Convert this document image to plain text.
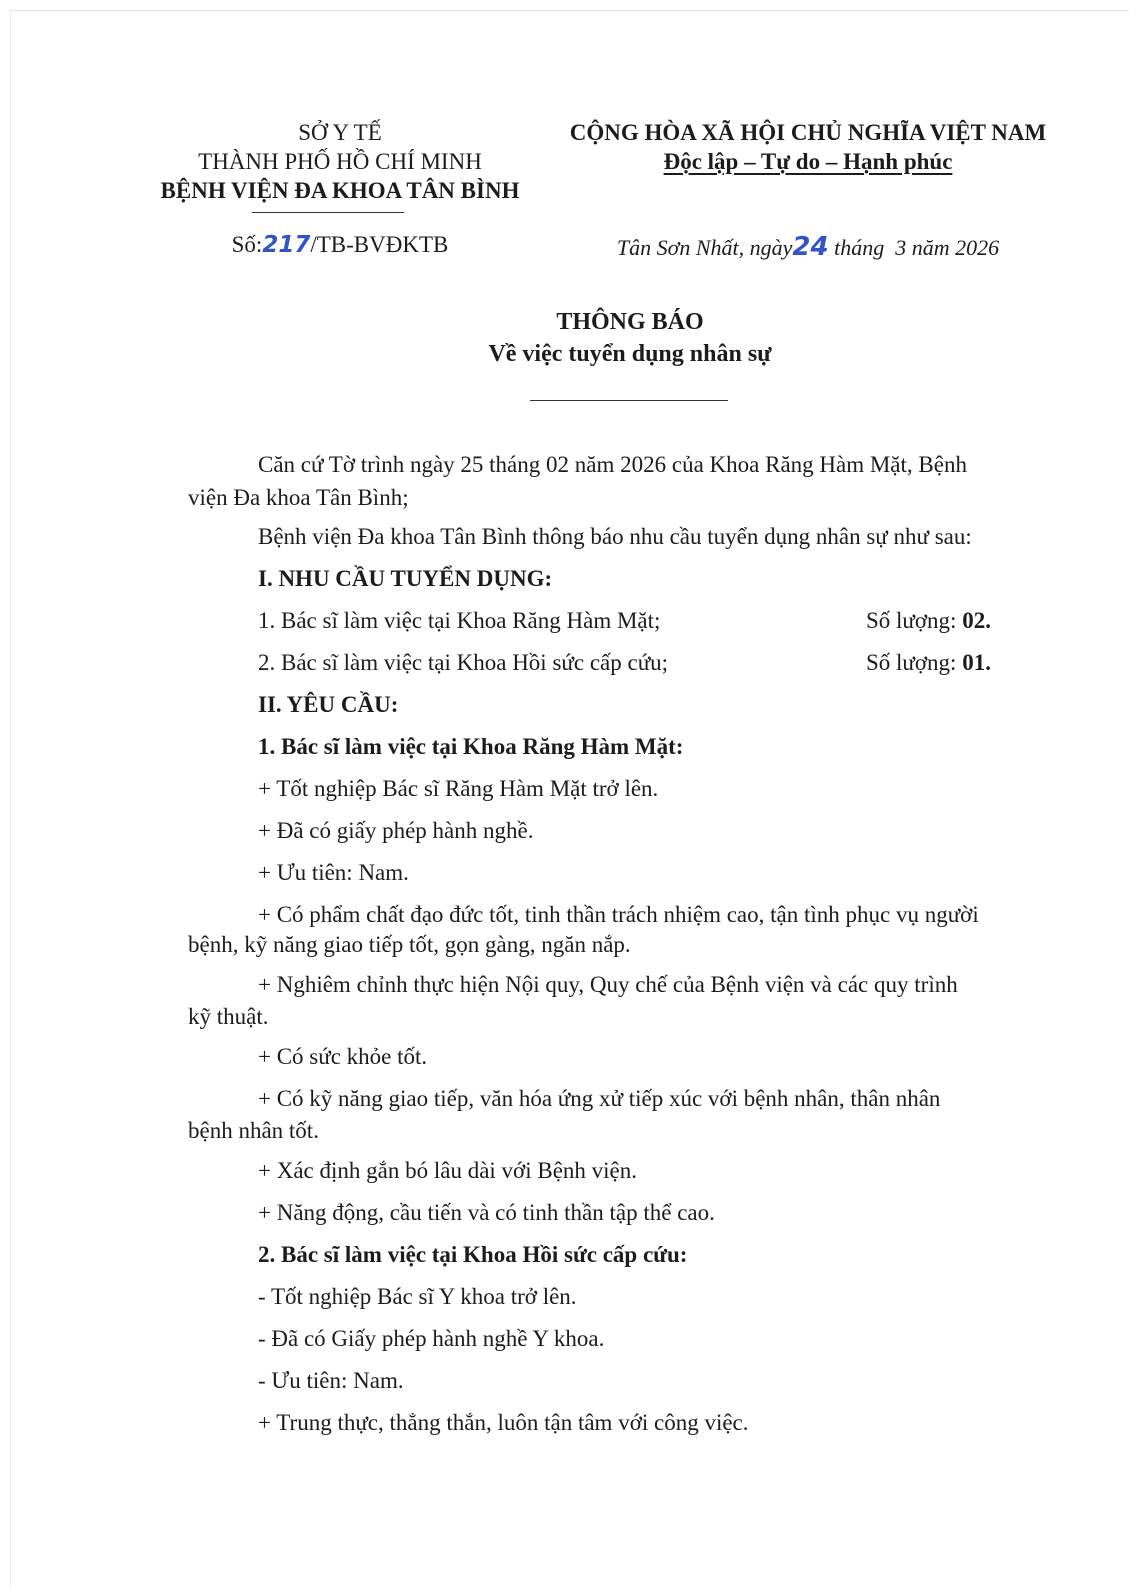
SỞ Y TẾ
THÀNH PHỐ HỒ CHÍ MINH
BỆNH VIỆN ĐA KHOA TÂN BÌNH
CỘNG HÒA XÃ HỘI CHỦ NGHĨA VIỆT NAM
Độc lập – Tự do – Hạnh phúc
Số:217/TB-BVĐKTB	Tân Sơn Nhất, ngày24 tháng  3 năm 2026
THÔNG BÁO
Về việc tuyển dụng nhân sự
Căn cứ Tờ trình ngày 25 tháng 02 năm 2026 của Khoa Răng Hàm Mặt, Bệnh
viện Đa khoa Tân Bình;
Bệnh viện Đa khoa Tân Bình thông báo nhu cầu tuyển dụng nhân sự như sau:
I. NHU CẦU TUYỂN DỤNG:
1. Bác sĩ làm việc tại Khoa Răng Hàm Mặt;	Số lượng: 02.
2. Bác sĩ làm việc tại Khoa Hồi sức cấp cứu;	Số lượng: 01.
II. YÊU CẦU:
1. Bác sĩ làm việc tại Khoa Răng Hàm Mặt:
+ Tốt nghiệp Bác sĩ Răng Hàm Mặt trở lên.
+ Đã có giấy phép hành nghề.
+ Ưu tiên: Nam.
+ Có phẩm chất đạo đức tốt, tinh thần trách nhiệm cao, tận tình phục vụ người
bệnh, kỹ năng giao tiếp tốt, gọn gàng, ngăn nắp.
+ Nghiêm chỉnh thực hiện Nội quy, Quy chế của Bệnh viện và các quy trình
kỹ thuật.
+ Có sức khỏe tốt.
+ Có kỹ năng giao tiếp, văn hóa ứng xử tiếp xúc với bệnh nhân, thân nhân
bệnh nhân tốt.
+ Xác định gắn bó lâu dài với Bệnh viện.
+ Năng động, cầu tiến và có tinh thần tập thể cao.
2. Bác sĩ làm việc tại Khoa Hồi sức cấp cứu:
- Tốt nghiệp Bác sĩ Y khoa trở lên.
- Đã có Giấy phép hành nghề Y khoa.
- Ưu tiên: Nam.
+ Trung thực, thẳng thắn, luôn tận tâm với công việc.
